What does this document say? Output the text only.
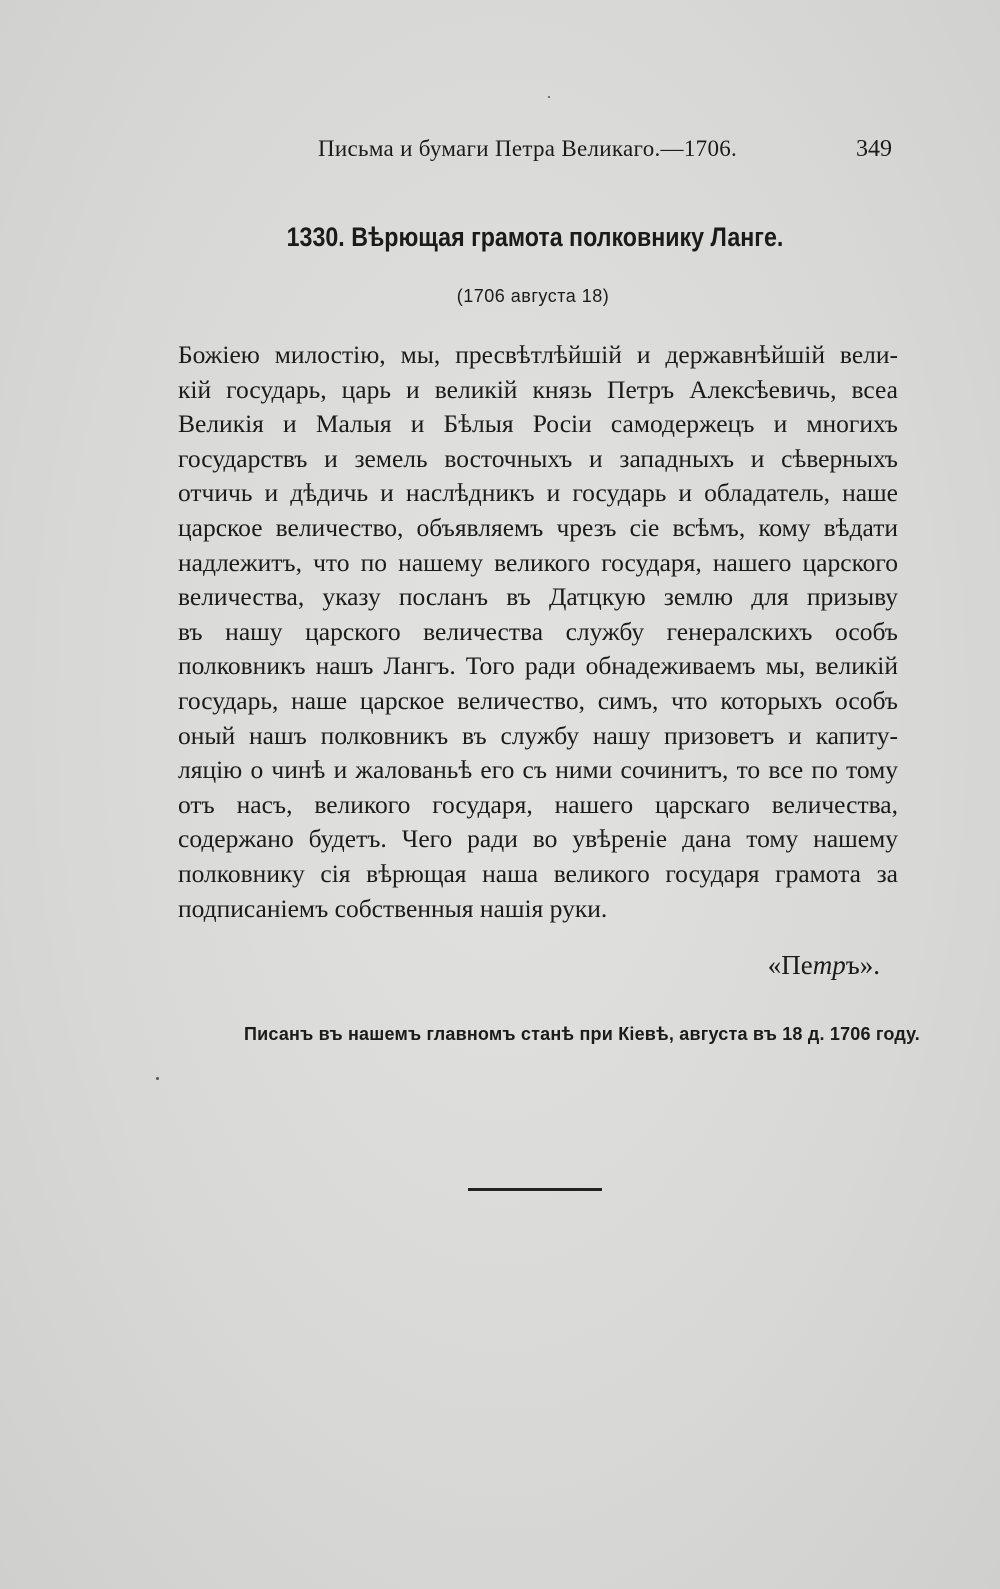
Письма и бумаги Петра Великаго.—1706.	349
1330. Вѣрющая грамота полковнику Ланге.
(1706 августа 18)
Божiею милостiю, мы, пресвѣтлѣйшiй и державнѣйшiй вели-
кiй государь, царь и великiй князь Петръ Алексѣевичь, всеа
Великiя и Малыя и Бѣлыя Росiи самодержецъ и многихъ
государствъ и земель восточныхъ и западныхъ и сѣверныхъ
отчичь и дѣдичь и наслѣдникъ и государь и обладатель, наше
царское величество, объявляемъ чрезъ сiе всѣмъ, кому вѣдати
надлежитъ, что по нашему великого государя, нашего царского
величества, указу посланъ въ Датцкую землю для призыву
въ нашу царского величества службу генералскихъ особъ
полковникъ нашъ Лангъ. Того ради обнадеживаемъ мы, великiй
государь, наше царское величество, симъ, что которыхъ особъ
оный нашъ полковникъ въ службу нашу призоветъ и капиту-
ляцiю о чинѣ и жалованьѣ его съ ними сочинитъ, то все по тому
отъ насъ, великого государя, нашего царскаго величества,
содержано будетъ. Чего ради во увѣренiе дана тому нашему
полковнику сiя вѣрющая наша великого государя грамота за
подписанiемъ собственныя нашiя руки.
«Петръ».
Писанъ въ нашемъ главномъ станѣ при Кiевѣ, августа въ 18 д. 1706 году.
